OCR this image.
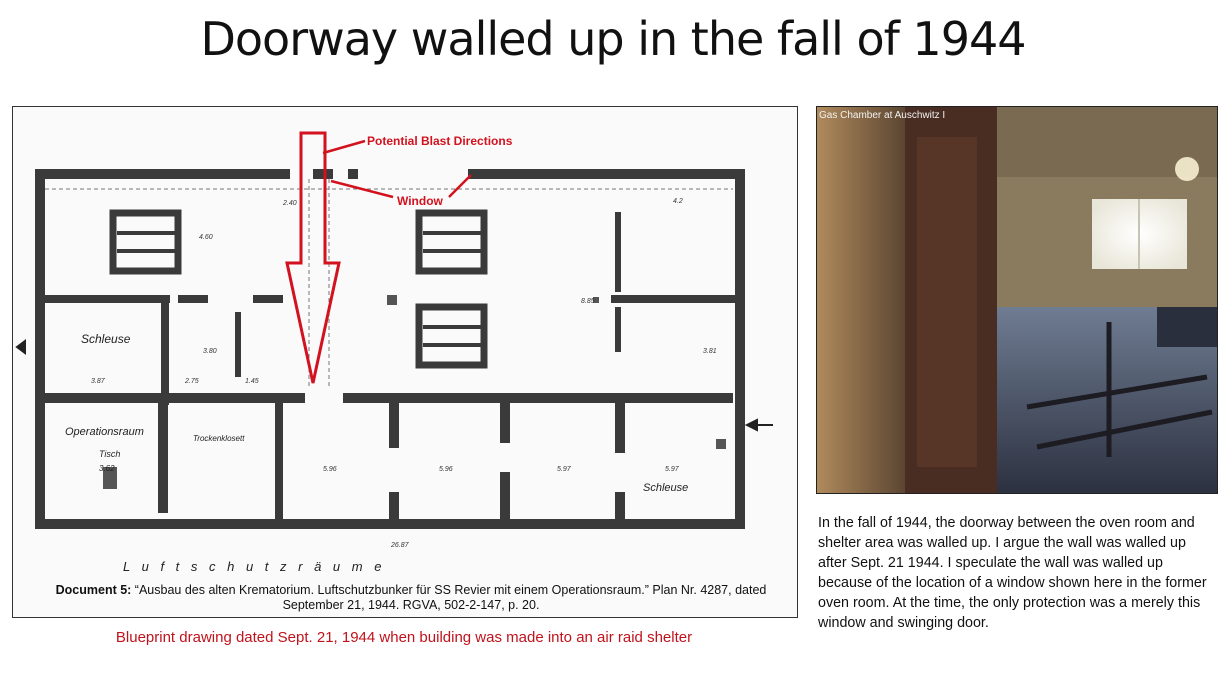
Doorway walled up in the fall of 1944
Potential Blast Directions
Window
Schleuse
Operationsraum
Tisch
3.62
Trockenklosett
Schleuse
L u f t s c h u t z r ä u m e
2.40
4.60
3.87	2.75	1.45
5.96	5.96	5.97	5.97
26.87
8.85
4.2
3.80	3.81
Document 5: “Ausbau des alten Krematorium. Luftschutzbunker für SS Revier mit einem Operationsraum.” Plan Nr. 4287, dated September 21, 1944. RGVA, 502-2-147, p. 20.
Blueprint drawing dated Sept. 21, 1944 when building was made into an air raid shelter
Gas Chamber at Auschwitz I
In the fall of 1944, the doorway between the oven room and shelter area was walled up. I argue the wall was walled up after Sept. 21 1944. I speculate the wall was walled up because of the location of a window shown here in the former oven room. At the time, the only protection was a merely this window and swinging door.
